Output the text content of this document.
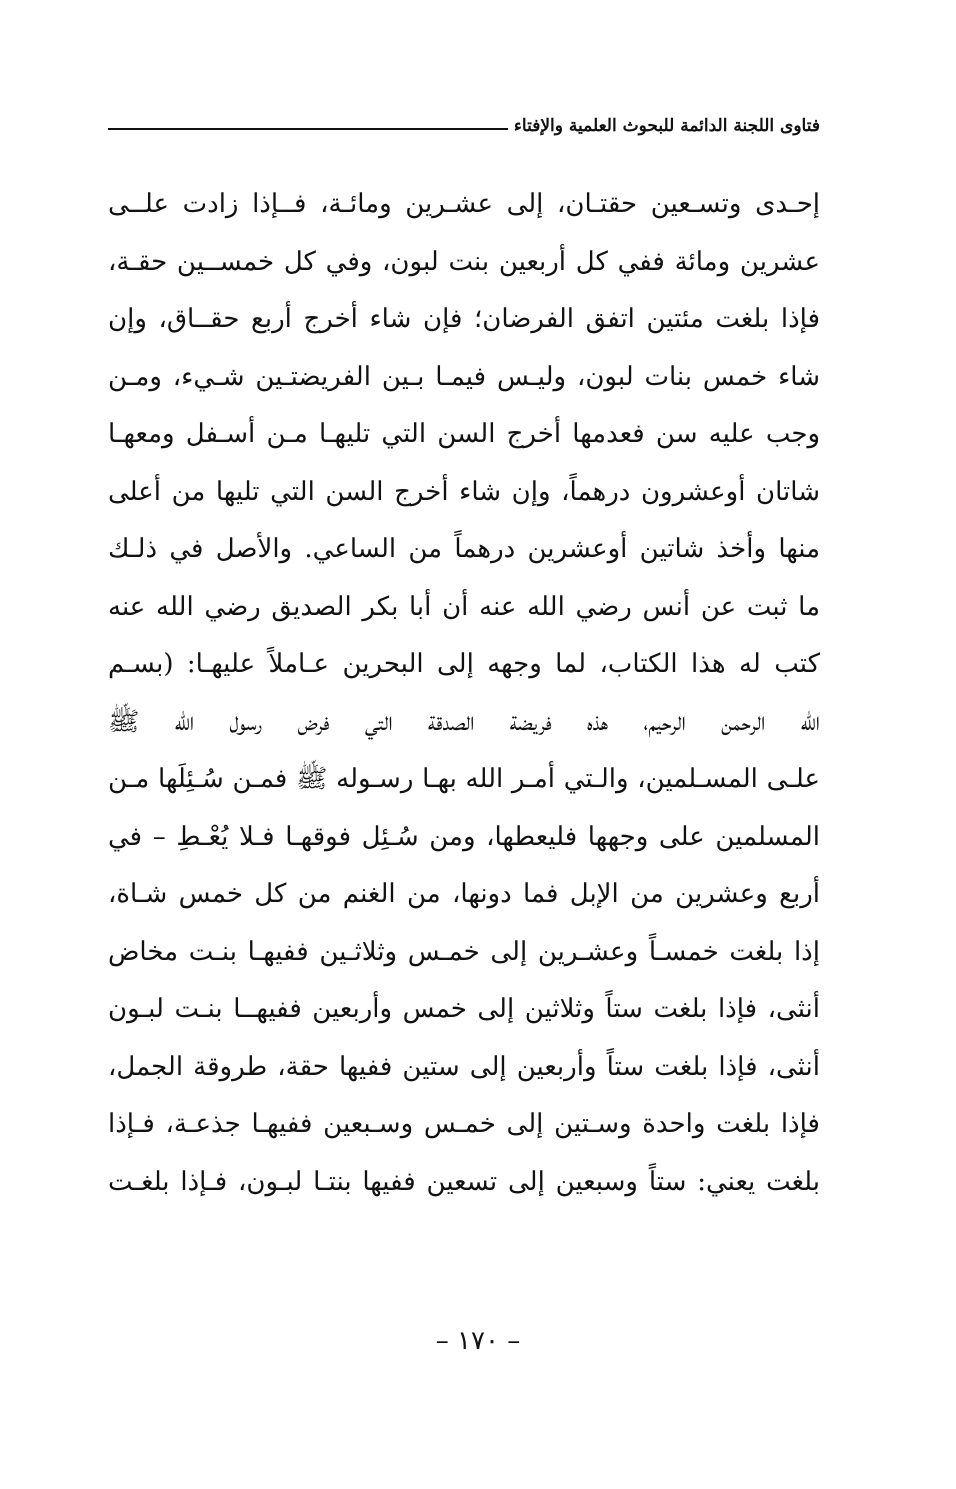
فتاوى اللجنة الدائمة للبحوث العلمية والإفتاء
إحـدى وتسـعين حقتـان، إلى عشـرين ومائـة، فــإذا زادت علــى
عشرين ومائة ففي كل أربعين بنت لبون، وفي كل خمســين حقـة،
فإذا بلغت مئتين اتفق الفرضان؛ فإن شاء أخرج أربع حقــاق، وإن
شاء خمس بنات لبون، وليـس فيمـا بـين الفريضتـين شـيء، ومـن
وجب عليه سن فعدمها أخرج السن التي تليهـا مـن أسـفل ومعهـا
شاتان أوعشرون درهماً، وإن شاء أخرج السن التي تليها من أعلى
منها وأخذ شاتين أوعشرين درهماً من الساعي. والأصل في ذلـك
ما ثبت عن أنس رضي الله عنه أن أبا بكر الصديق رضي الله عنه
كتب له هذا الكتاب، لما وجهه إلى البحرين عـاملاً عليهـا: (بسـم
الله الرحمن الرحيم، هذه فريضة الصدقة التي فرض رسول الله ﷺ
علـى المسـلمين، والـتي أمـر الله بهـا رسـوله ﷺ فمـن سُـئِلَها مـن
المسلمين على وجهها فليعطها، ومن سُـئِل فوقهـا فـلا يُعْـطِ – في
أربع وعشرين من الإبل فما دونها، من الغنم من كل خمس شـاة،
إذا بلغت خمسـاً وعشـرين إلى خمـس وثلاثـين ففيهـا بنـت مخاض
أنثى، فإذا بلغت ستاً وثلاثين إلى خمس وأربعين ففيهــا بنـت لبـون
أنثى، فإذا بلغت ستاً وأربعين إلى ستين ففيها حقة، طروقة الجمل،
فإذا بلغت واحدة وسـتين إلى خمـس وسـبعين ففيهـا جذعـة، فـإذا
بلغت يعني: ستاً وسبعين إلى تسعين ففيها بنتـا لبـون، فـإذا بلغـت
– ١٧٠ –
